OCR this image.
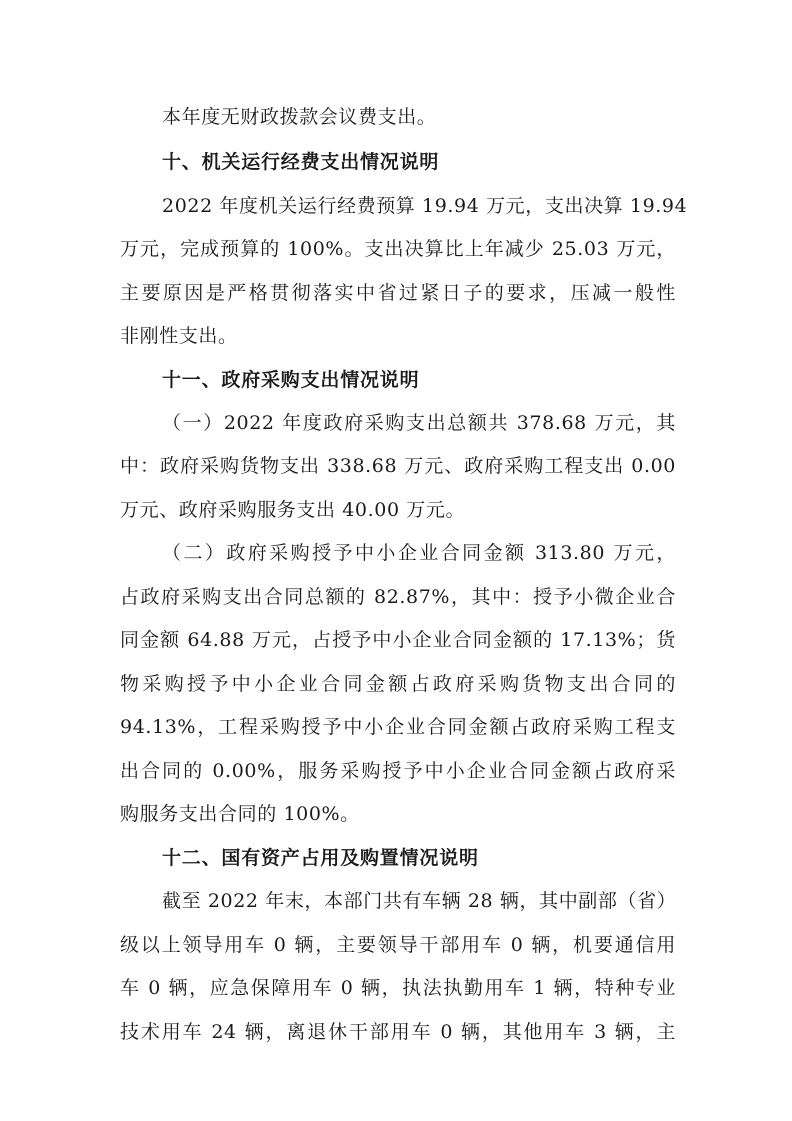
本年度无财政拨款会议费支出。
十、机关运行经费支出情况说明
2022 年度机关运行经费预算 19.94 万元，支出决算 19.94
万元，完成预算的 100%。支出决算比上年减少 25.03 万元，
主要原因是严格贯彻落实中省过紧日子的要求，压减一般性
非刚性支出。
十一、政府采购支出情况说明
（一）2022 年度政府采购支出总额共 378.68 万元，其
中：政府采购货物支出 338.68 万元、政府采购工程支出 0.00
万元、政府采购服务支出 40.00 万元。
（二）政府采购授予中小企业合同金额 313.80 万元，
占政府采购支出合同总额的 82.87%，其中：授予小微企业合
同金额 64.88 万元，占授予中小企业合同金额的 17.13%；货
物采购授予中小企业合同金额占政府采购货物支出合同的
94.13%，工程采购授予中小企业合同金额占政府采购工程支
出合同的 0.00%，服务采购授予中小企业合同金额占政府采
购服务支出合同的 100%。
十二、国有资产占用及购置情况说明
截至 2022 年末，本部门共有车辆 28 辆，其中副部（省）
级以上领导用车 0 辆，主要领导干部用车 0 辆，机要通信用
车 0 辆，应急保障用车 0 辆，执法执勤用车 1 辆，特种专业
技术用车 24 辆，离退休干部用车 0 辆，其他用车 3 辆，主
